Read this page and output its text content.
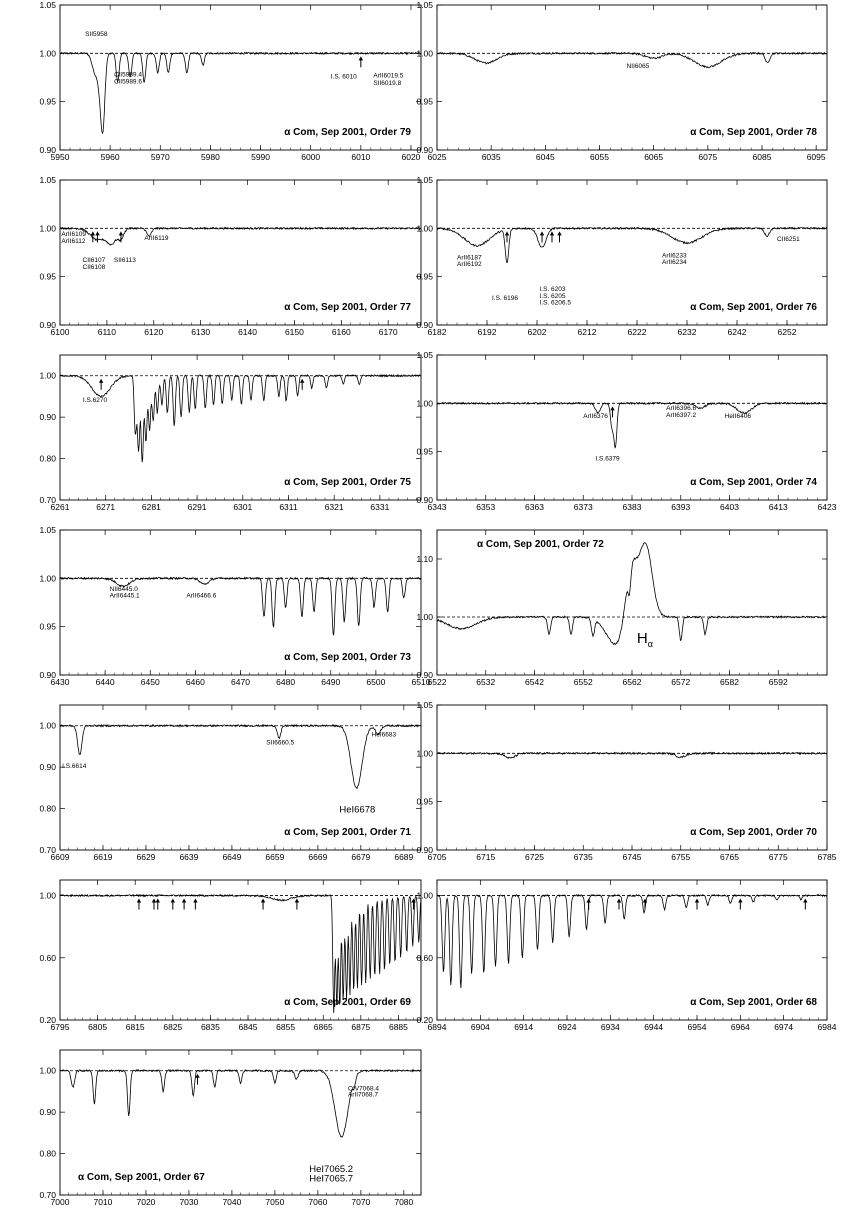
5950	5960	5970	5980	5990	6000	6010	6020
0.90
0.95
1.00
1.05
SII5958
ClI5989.4
ClI5989.6
ArII6019.5
SII6019.8
I.S. 6010
α Com, Sep 2001, Order 79
6025	6035	6045	6055	6065	6075	6085	6095
0.90
0.95
1.00
1.05
NII6065
α Com, Sep 2001, Order 78
6100	6110	6120	6130	6140	6150	6160	6170
0.90
0.95
1.00
1.05
ArII6109
ArII6112
CII6107
CII6108
SII6113
ArII6119
α Com, Sep 2001, Order 77
6182	6192	6202	6212	6222	6232	6242	6252
0.90
0.95
1.00
1.05
ArII6187
ArII6192
I.S. 6196
I.S. 6203
I.S. 6205
I.S. 6206.5
ArII6233
ArII6234
CII6251
α Com, Sep 2001, Order 76
6261	6271	6281	6291	6301	6311	6321	6331
0.70
0.80
0.90
1.00
I.S.6270
α Com, Sep 2001, Order 75
6343	6353	6363	6373	6383	6393	6403	6413	6423
0.90
0.95
1.00
1.05
ArII6376
I.S.6379
ArII6396.6
ArII6397.2	HeII6406
α Com, Sep 2001, Order 74
6430	6440	6450	6460	6470	6480	6490	6500	6510
0.90
0.95
1.00
1.05
NII6445.0
ArII6445.1	ArII6466.6
α Com, Sep 2001, Order 73
6522	6532	6542	6552	6562	6572	6582	6592
0.90
1.00
1.10
$H_\alpha$
α Com, Sep 2001, Order 72
6609	6619	6629	6639	6649	6659	6669	6679	6689
0.70
0.80
0.90
1.00
I.S.6614
SII6660.5
HeI6683
HeI6678
α Com, Sep 2001, Order 71
6705	6715	6725	6735	6745	6755	6765	6775	6785
0.90
0.95
1.00
1.05
α Com, Sep 2001, Order 70
6795 6805 6815 6825 6835 6845 6855 6865 6875 6885
0.20
0.60
1.00
α Com, Sep 2001, Order 69
6894	6904	6914	6924	6934	6944	6954	6964	6974	6984
0.20
0.60
1.00
α Com, Sep 2001, Order 68
7000	7010	7020	7030	7040	7050	7060	7070	7080
0.70
0.80
0.90
1.00
OIV7068.4
ArII7068.7
HeI7065.2
HeI7065.7
α Com, Sep 2001, Order 67
